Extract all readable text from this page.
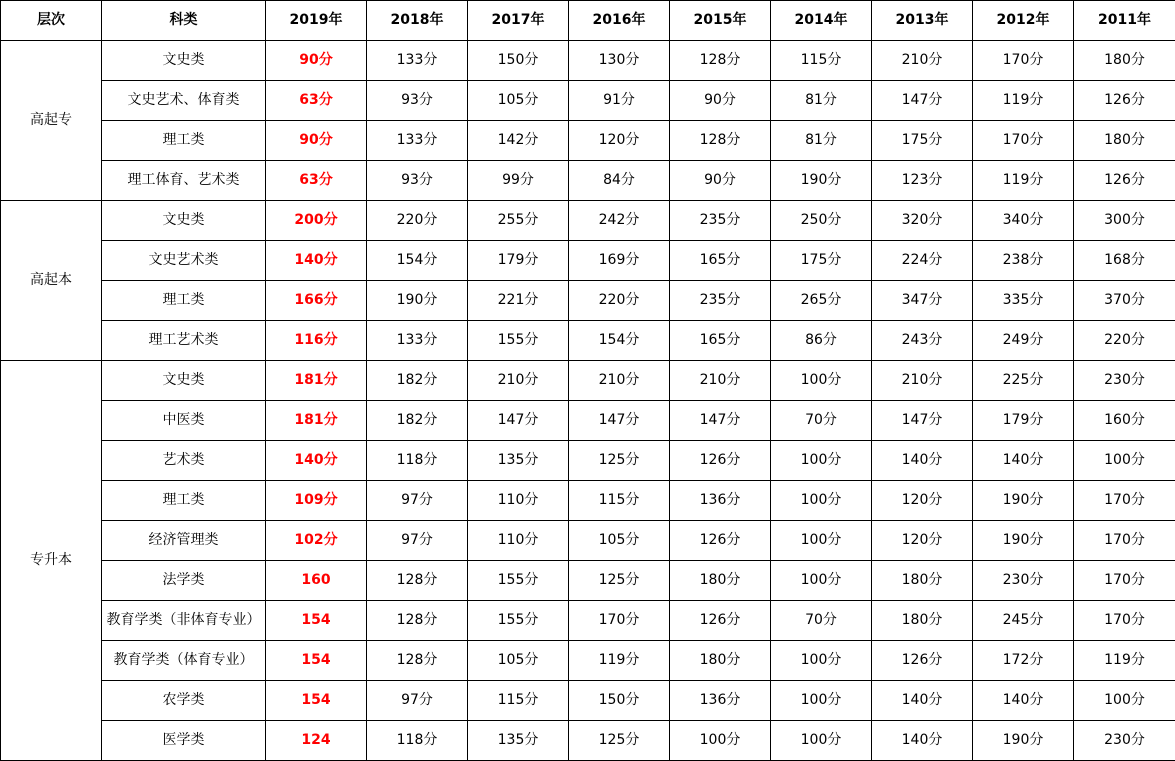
层次	科类	2019年	2018年	2017年	2016年	2015年	2014年	2013年	2012年	2011年
高起专	文史类	90分	133分	150分	130分	128分	115分	210分	170分	180分
	文史艺术、体育类	63分	93分	105分	91分	90分	81分	147分	119分	126分
	理工类	90分	133分	142分	120分	128分	81分	175分	170分	180分
	理工体育、艺术类	63分	93分	99分	84分	90分	190分	123分	119分	126分
高起本	文史类	200分	220分	255分	242分	235分	250分	320分	340分	300分
	文史艺术类	140分	154分	179分	169分	165分	175分	224分	238分	168分
	理工类	166分	190分	221分	220分	235分	265分	347分	335分	370分
	理工艺术类	116分	133分	155分	154分	165分	86分	243分	249分	220分
专升本	文史类	181分	182分	210分	210分	210分	100分	210分	225分	230分
	中医类	181分	182分	147分	147分	147分	70分	147分	179分	160分
	艺术类	140分	118分	135分	125分	126分	100分	140分	140分	100分
	理工类	109分	97分	110分	115分	136分	100分	120分	190分	170分
	经济管理类	102分	97分	110分	105分	126分	100分	120分	190分	170分
	法学类	160	128分	155分	125分	180分	100分	180分	230分	170分
	教育学类（非体育专业）	154	128分	155分	170分	126分	70分	180分	245分	170分
	教育学类（体育专业）	154	128分	105分	119分	180分	100分	126分	172分	119分
	农学类	154	97分	115分	150分	136分	100分	140分	140分	100分
	医学类	124	118分	135分	125分	100分	100分	140分	190分	230分
